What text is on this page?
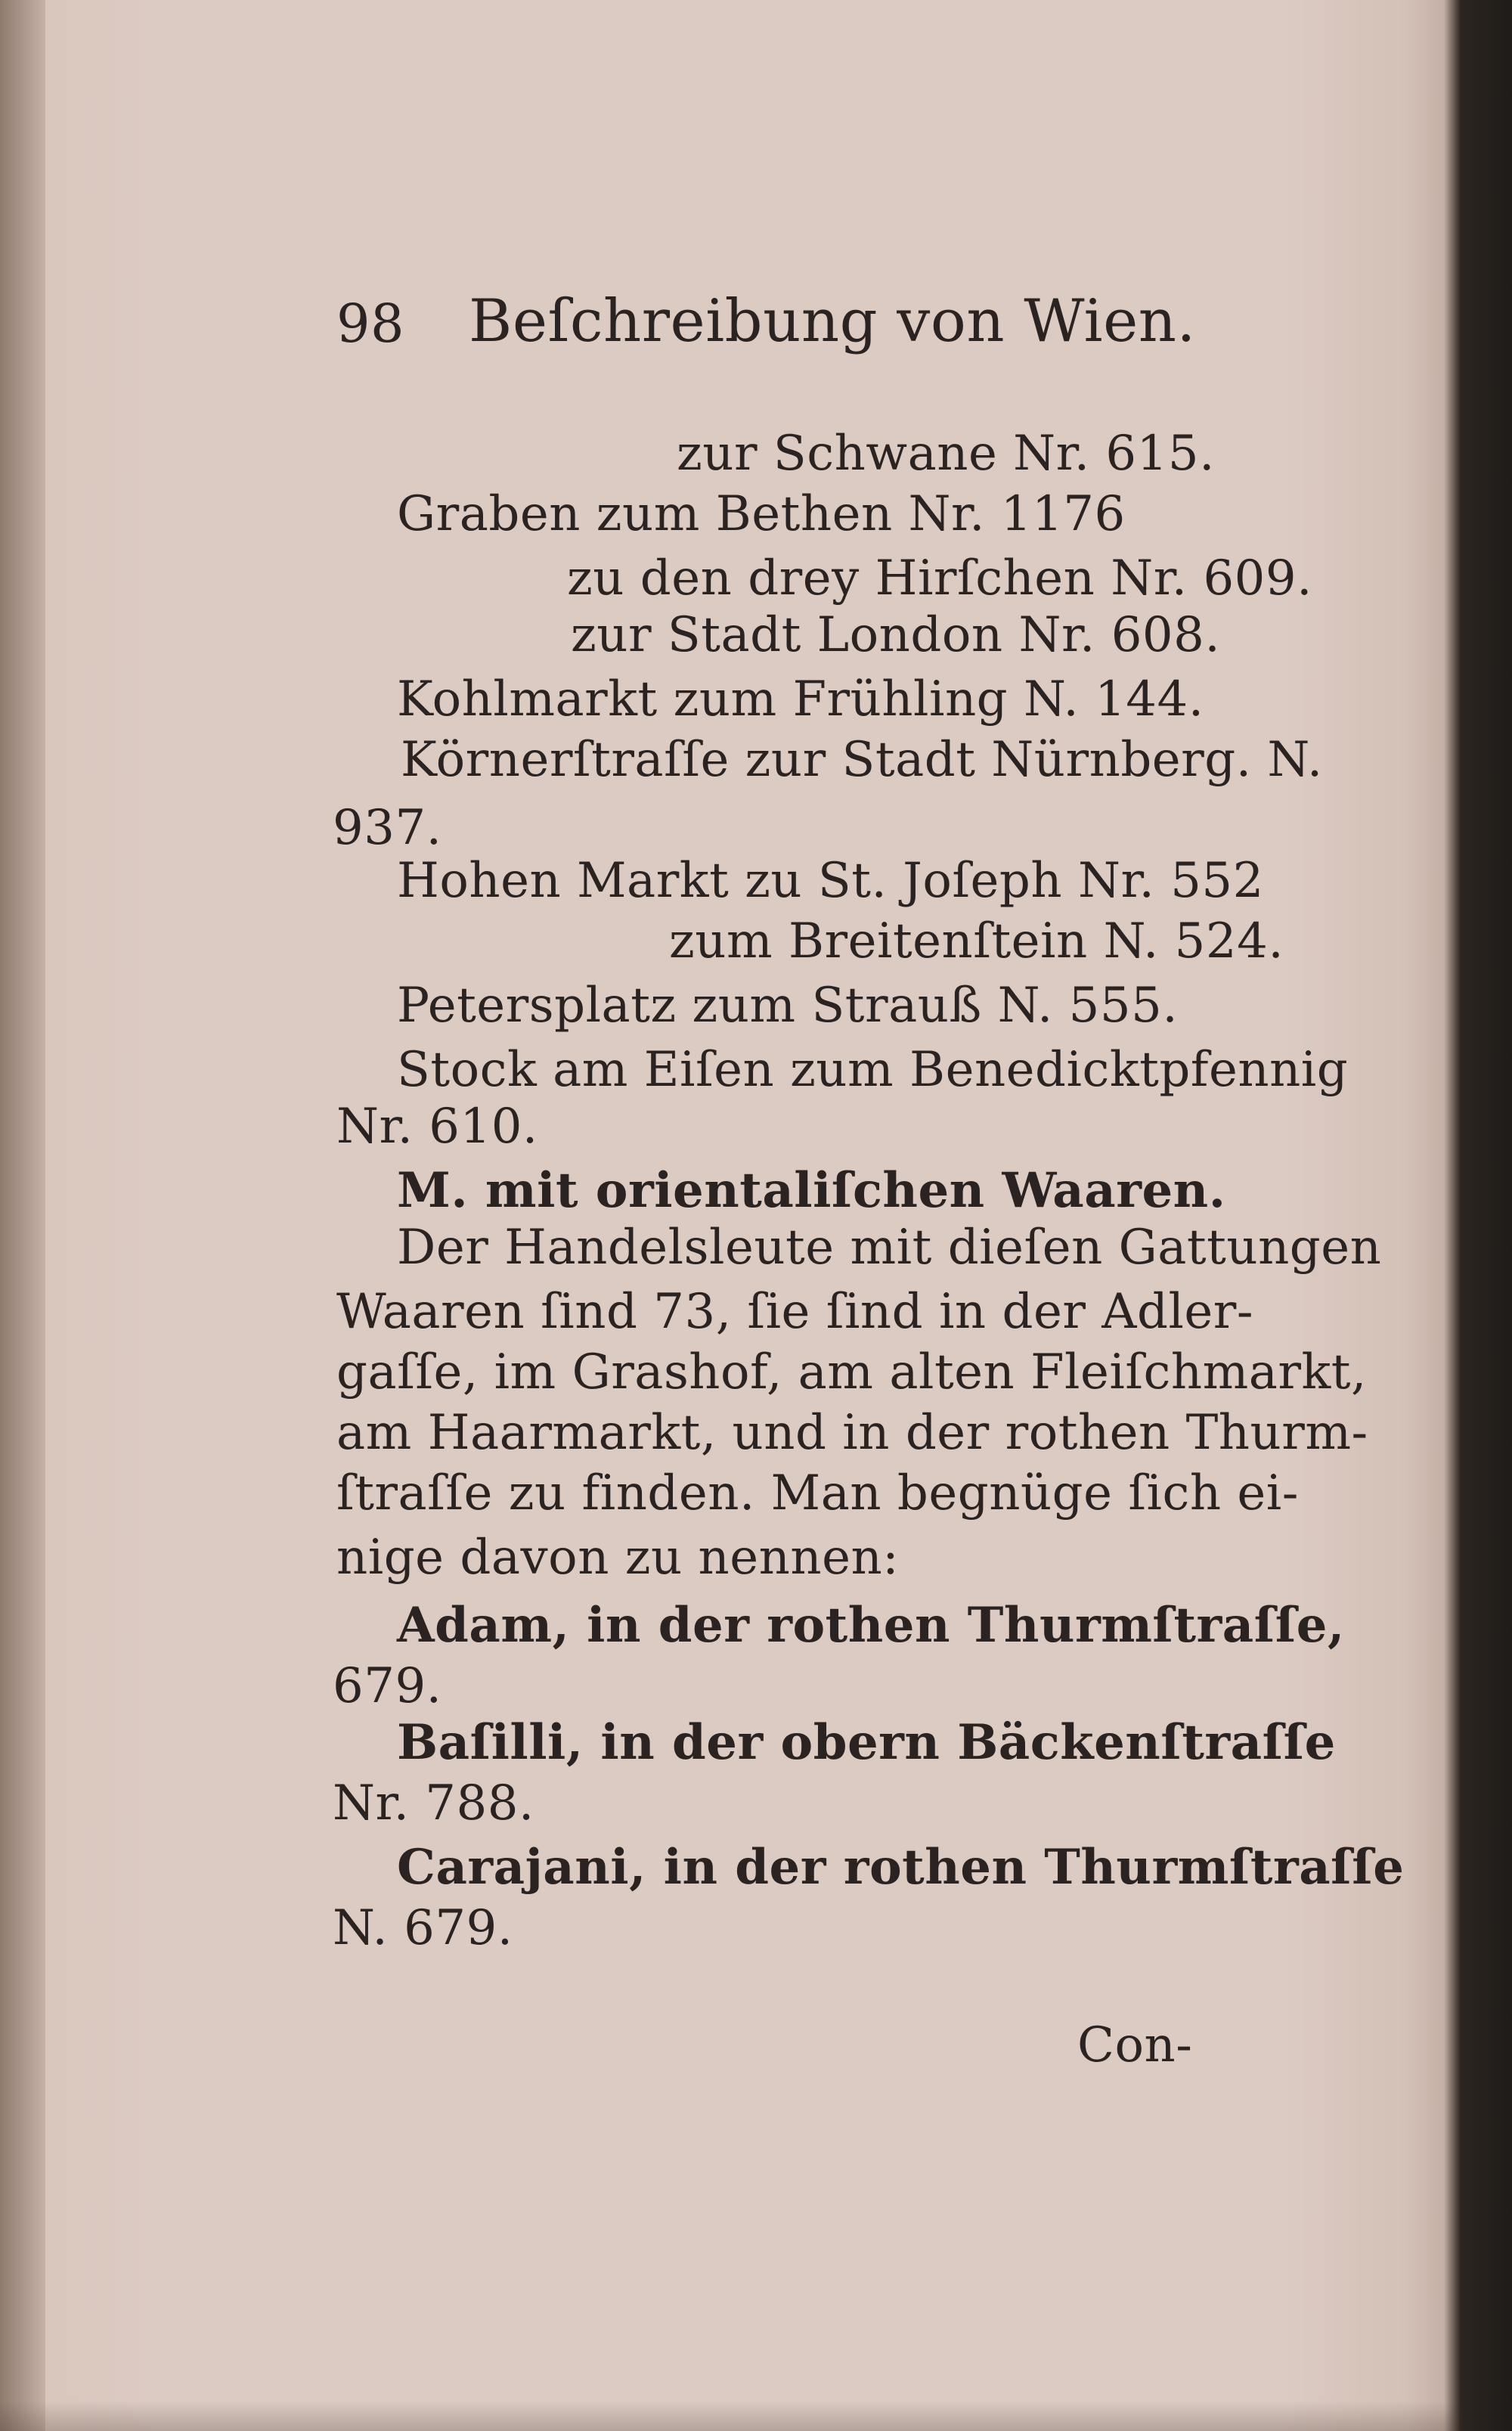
98 Beſchreibung von Wien.
zur Schwane Nr. 615.
Graben zum Bethen Nr. 1176
zu den drey Hirſchen Nr. 609.
zur Stadt London Nr. 608.
Kohlmarkt zum Frühling N. 144.
Körnerſtraſſe zur Stadt Nürnberg. N.
937.
Hohen Markt zu St. Joſeph Nr. 552
zum Breitenſtein N. 524.
Petersplatz zum Strauß N. 555.
Stock am Eiſen zum Benedicktpfennig
Nr. 610.
M. mit orientaliſchen Waaren.
Der Handelsleute mit dieſen Gattungen
Waaren ſind 73, ſie ſind in der Adler-
gaſſe, im Grashof, am alten Fleiſchmarkt,
am Haarmarkt, und in der rothen Thurm-
ſtraſſe zu finden. Man begnüge ſich ei-
nige davon zu nennen:
Adam, in der rothen Thurmſtraſſe,
679.
Baſilli, in der obern Bäckenſtraſſe
Nr. 788.
Carajani, in der rothen Thurmſtraſſe
N. 679.
Con-
